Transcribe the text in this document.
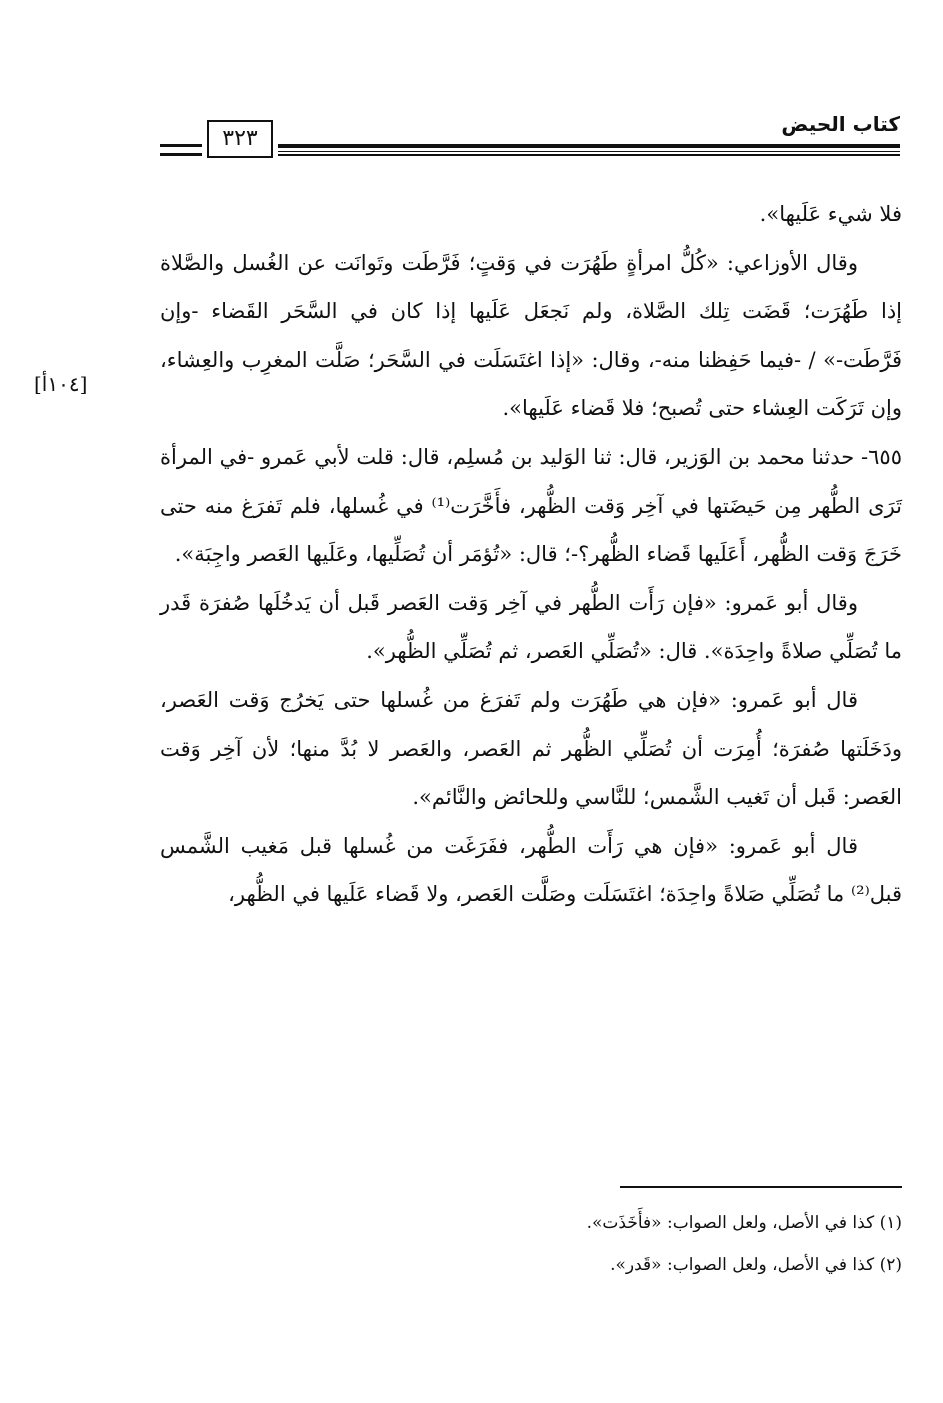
كتاب الحيض
٣٢٣
[١٠٤أ]

فلا شيء عَلَيها».

وقال الأوزاعي: «كُلُّ امرأةٍ طَهُرَت في وَقتٍ؛ فَرَّطَت وتَوانَت عن الغُسل والصَّلاة إذا طَهُرَت؛ قَضَت تِلك الصَّلاة، ولم نَجعَل عَلَيها إذا كان في السَّحَر القَضاء -وإن فَرَّطَت-» / -فيما حَفِظنا منه-، وقال: «إذا اغتَسَلَت في السَّحَر؛ صَلَّت المغرِب والعِشاء، وإن تَرَكَت العِشاء حتى تُصبح؛ فلا قَضاء عَلَيها».

٦٥٥- حدثنا محمد بن الوَزير، قال: ثنا الوَليد بن مُسلِم، قال: قلت لأبي عَمرو -في المرأة تَرَى الطُّهر مِن حَيضَتها في آخِر وَقت الظُّهر، فأَخَّرَت⁽¹⁾ في غُسلها، فلم تَفرَغ منه حتى خَرَجَ وَقت الظُّهر، أَعَلَيها قَضاء الظُّهر؟-؛ قال: «تُؤمَر أن تُصَلِّيها، وعَلَيها العَصر واجِبَة».

وقال أبو عَمرو: «فإن رَأَت الطُّهر في آخِر وَقت العَصر قَبل أن يَدخُلَها صُفرَة قَدر ما تُصَلِّي صلاةً واحِدَة». قال: «تُصَلِّي العَصر، ثم تُصَلِّي الظُّهر».

قال أبو عَمرو: «فإن هي طَهُرَت ولم تَفرَغ من غُسلها حتى يَخرُج وَقت العَصر، ودَخَلَتها صُفرَة؛ أُمِرَت أن تُصَلِّي الظُّهر ثم العَصر، والعَصر لا بُدَّ منها؛ لأن آخِر وَقت العَصر: قَبل أن تَغيب الشَّمس؛ للنَّاسي وللحائض والنَّائم».

قال أبو عَمرو: «فإن هي رَأَت الطُّهر، ففَرَغَت من غُسلها قبل مَغيب الشَّمس قبل⁽²⁾ ما تُصَلِّي صَلاةً واحِدَة؛ اغتَسَلَت وصَلَّت العَصر، ولا قَضاء عَلَيها في الظُّهر،

(١) كذا في الأصل، ولعل الصواب: «فأَخَذَت».

(٢) كذا في الأصل، ولعل الصواب: «قَدر».
